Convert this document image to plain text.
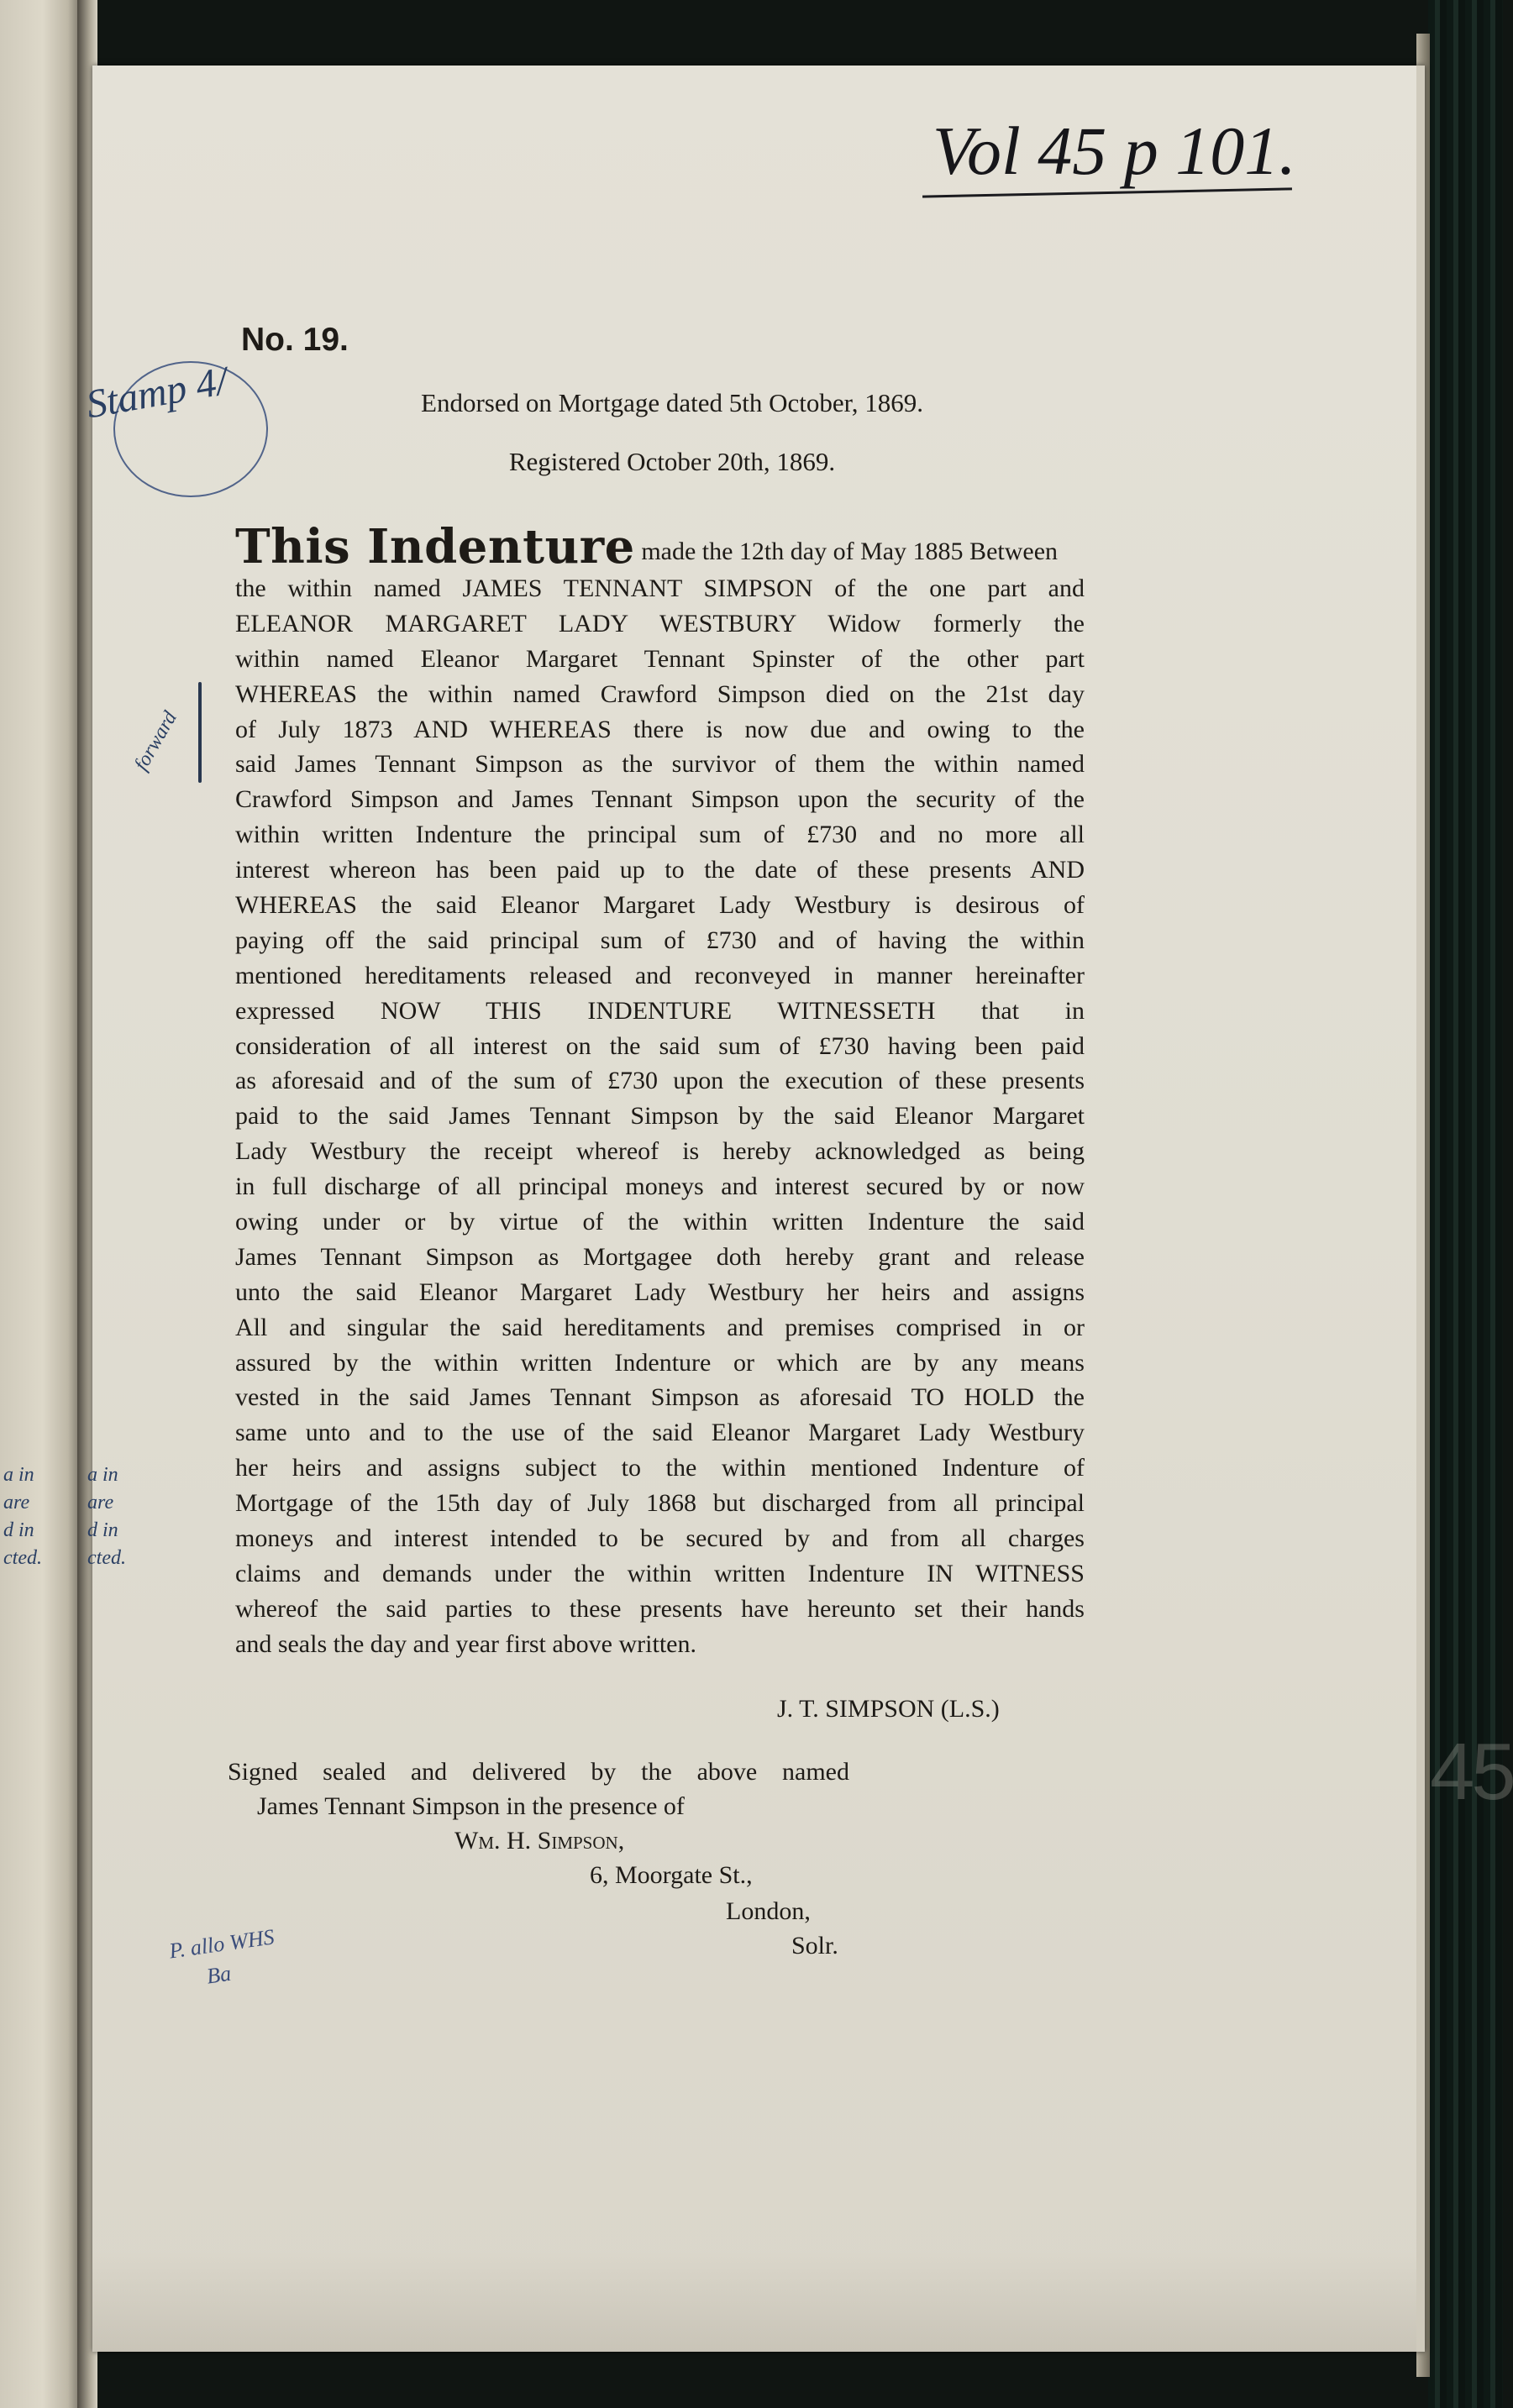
45
Vol 45 p 101.
No. 19.
Endorsed on Mortgage dated 5th October, 1869.
Registered October 20th, 1869.
Stamp 4/
forward
a in
are
d in
cted.
a in
are
d in
cted.
This Indenture made the 12th day of May 1885 Between
the within named JAMES TENNANT SIMPSON of the one part and
ELEANOR MARGARET LADY WESTBURY Widow formerly the
within named Eleanor Margaret Tennant Spinster of the other part
WHEREAS the within named Crawford Simpson died on the 21st day
of July 1873 AND WHEREAS there is now due and owing to the
said James Tennant Simpson as the survivor of them the within named
Crawford Simpson and James Tennant Simpson upon the security of the
within written Indenture the principal sum of £730 and no more all
interest whereon has been paid up to the date of these presents AND
WHEREAS the said Eleanor Margaret Lady Westbury is desirous of
paying off the said principal sum of £730 and of having the within
mentioned hereditaments released and reconveyed in manner hereinafter
expressed NOW THIS INDENTURE WITNESSETH that in
consideration of all interest on the said sum of £730 having been paid
as aforesaid and of the sum of £730 upon the execution of these presents
paid to the said James Tennant Simpson by the said Eleanor Margaret
Lady Westbury the receipt whereof is hereby acknowledged as being
in full discharge of all principal moneys and interest secured by or now
owing under or by virtue of the within written Indenture the said
James Tennant Simpson as Mortgagee doth hereby grant and release
unto the said Eleanor Margaret Lady Westbury her heirs and assigns
All and singular the said hereditaments and premises comprised in or
assured by the within written Indenture or which are by any means
vested in the said James Tennant Simpson as aforesaid TO HOLD the
same unto and to the use of the said Eleanor Margaret Lady Westbury
her heirs and assigns subject to the within mentioned Indenture of
Mortgage of the 15th day of July 1868 but discharged from all principal
moneys and interest intended to be secured by and from all charges
claims and demands under the within written Indenture IN WITNESS
whereof the said parties to these presents have hereunto set their hands
and seals the day and year first above written.
J. T. SIMPSON (L.S.)
Signed sealed and delivered by the above named
James Tennant Simpson in the presence of
Wm. H. Simpson,
6, Moorgate St.,
London,
Solr.
P. allo WHS
Ba
